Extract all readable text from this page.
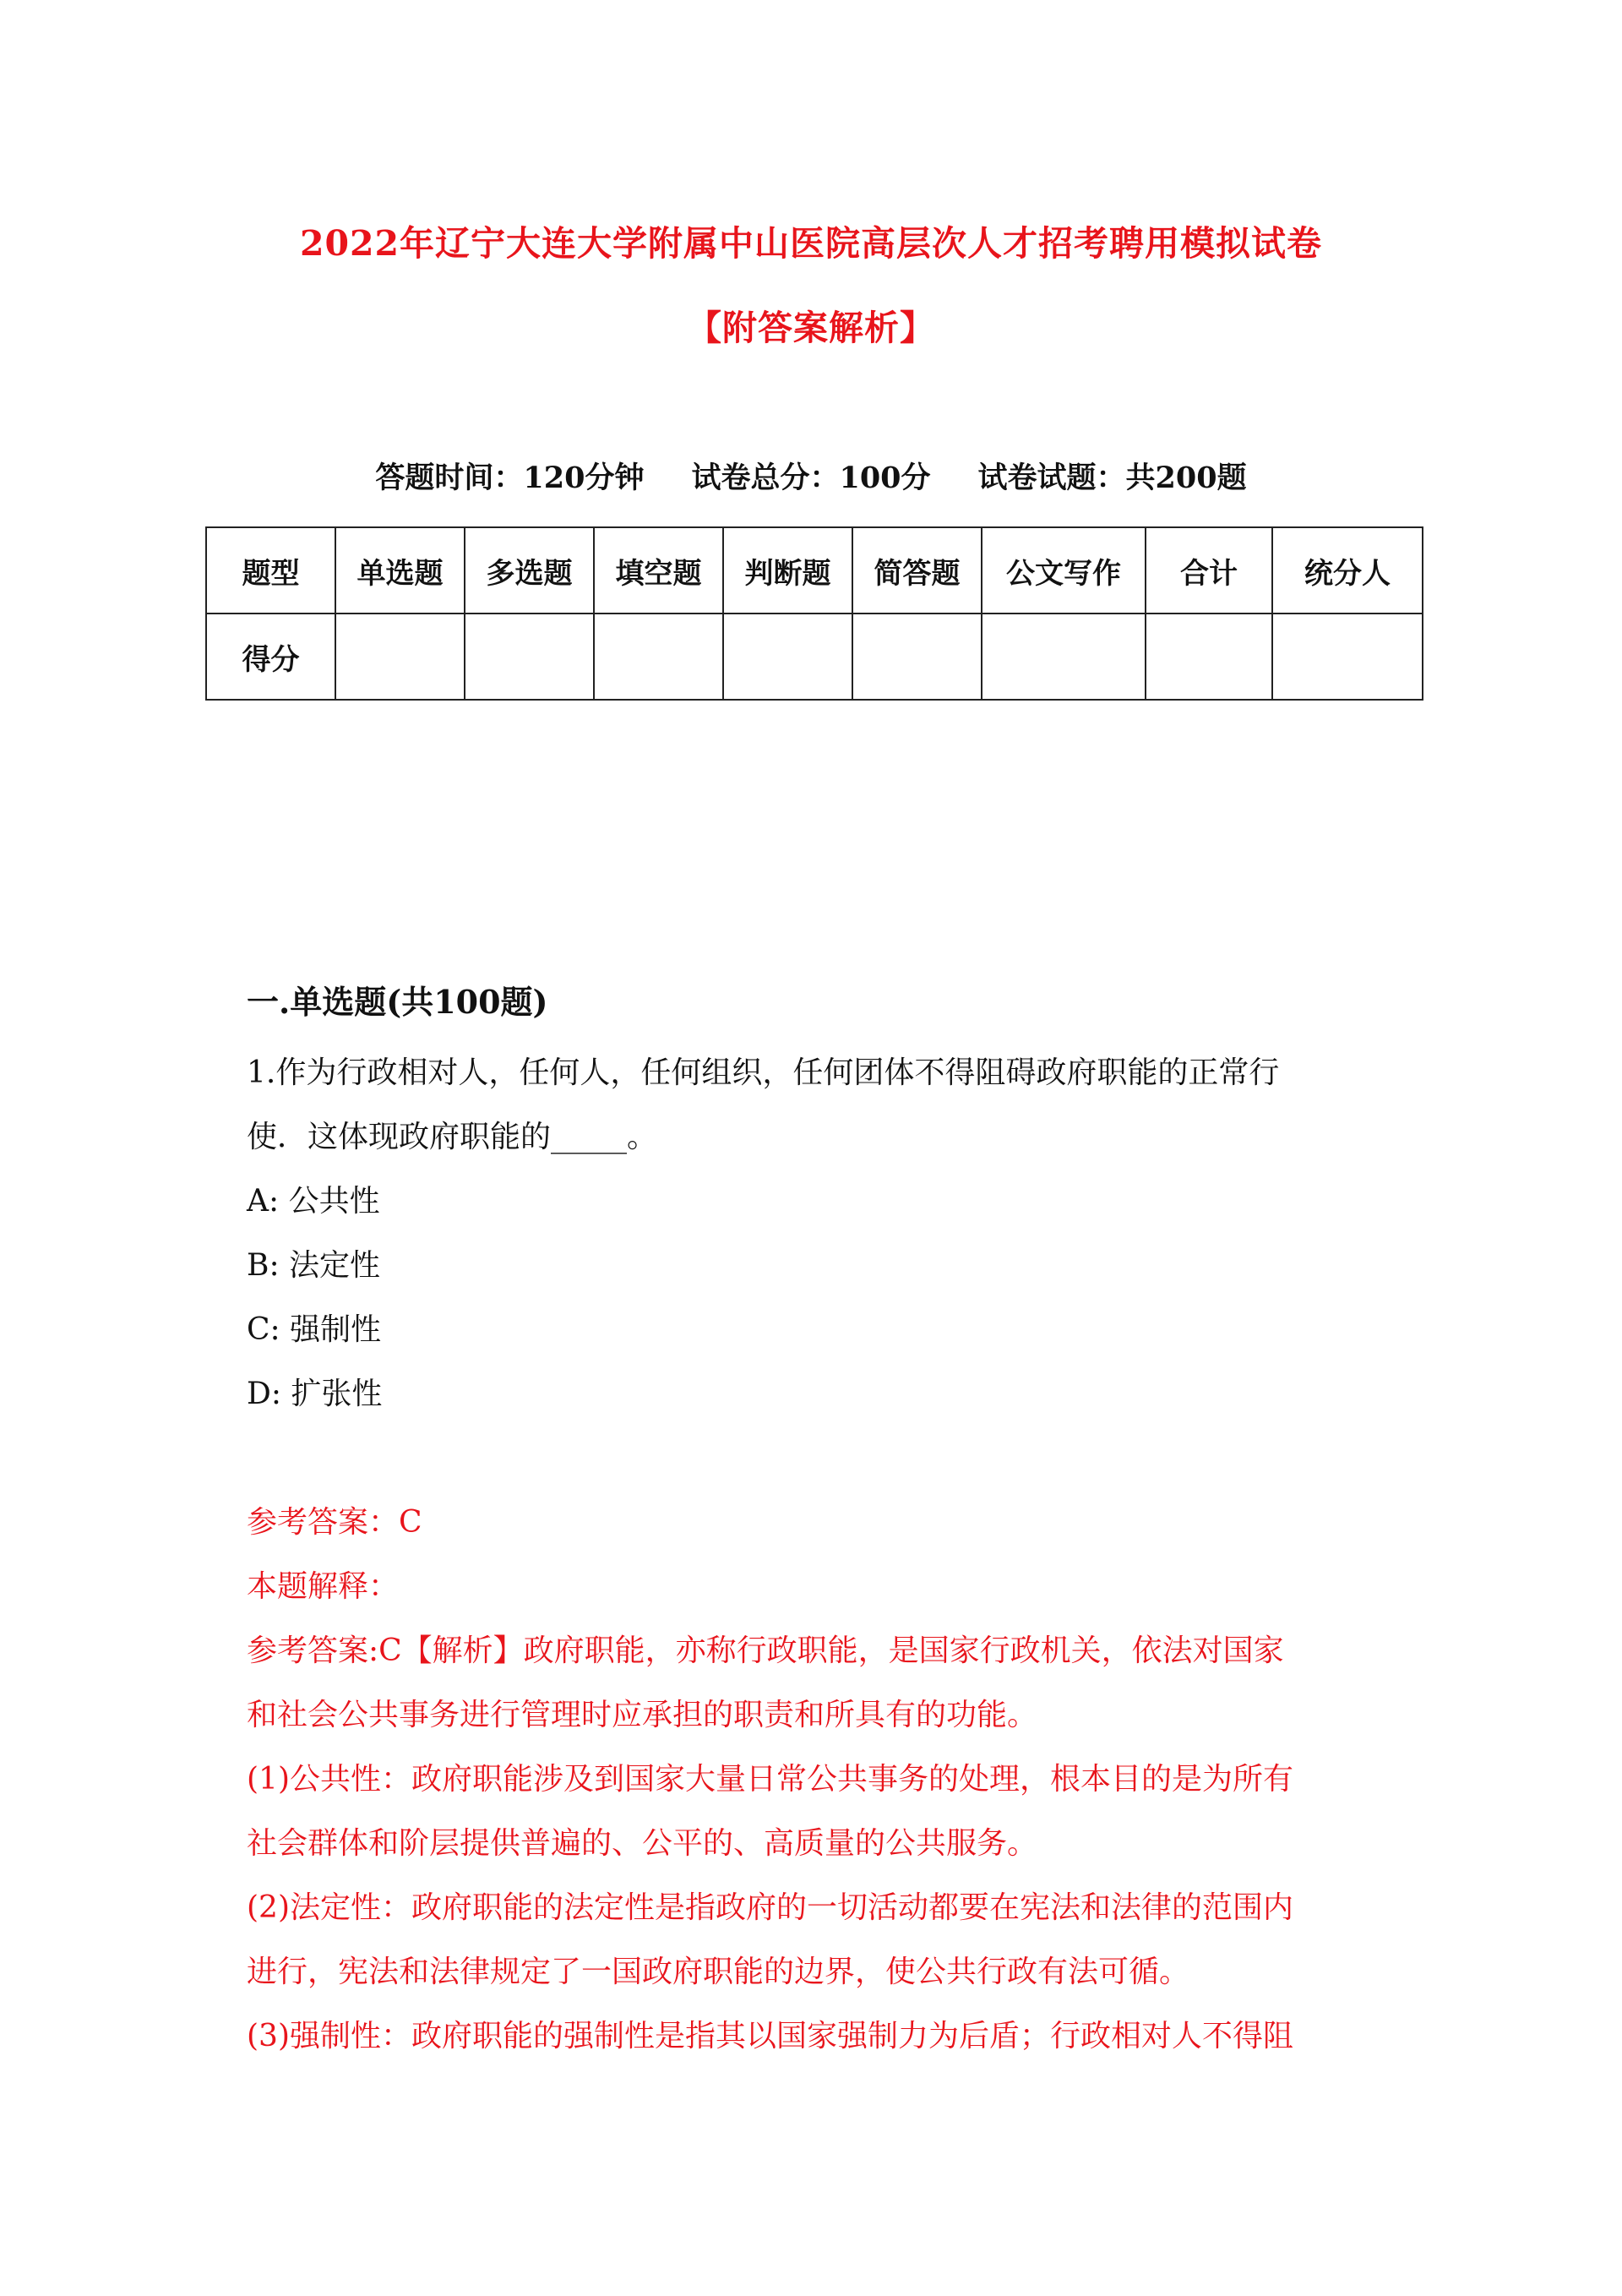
2022年辽宁大连大学附属中山医院高层次人才招考聘用模拟试卷
【附答案解析】
答题时间：120分钟 试卷总分：100分 试卷试题：共200题
题型	单选题	多选题	填空题	判断题	简答题	公文写作	合计	统分人
得分								
一.单选题(共100题)
1.作为行政相对人，任何人，任何组织，任何团体不得阻碍政府职能的正常行
使．这体现政府职能的_____。
A: 公共性
B: 法定性
C: 强制性
D: 扩张性
参考答案：C
本题解释：
参考答案:C【解析】政府职能，亦称行政职能，是国家行政机关，依法对国家
和社会公共事务进行管理时应承担的职责和所具有的功能。
(1)公共性：政府职能涉及到国家大量日常公共事务的处理，根本目的是为所有
社会群体和阶层提供普遍的、公平的、高质量的公共服务。
(2)法定性：政府职能的法定性是指政府的一切活动都要在宪法和法律的范围内
进行，宪法和法律规定了一国政府职能的边界，使公共行政有法可循。
(3)强制性：政府职能的强制性是指其以国家强制力为后盾；行政相对人不得阻
